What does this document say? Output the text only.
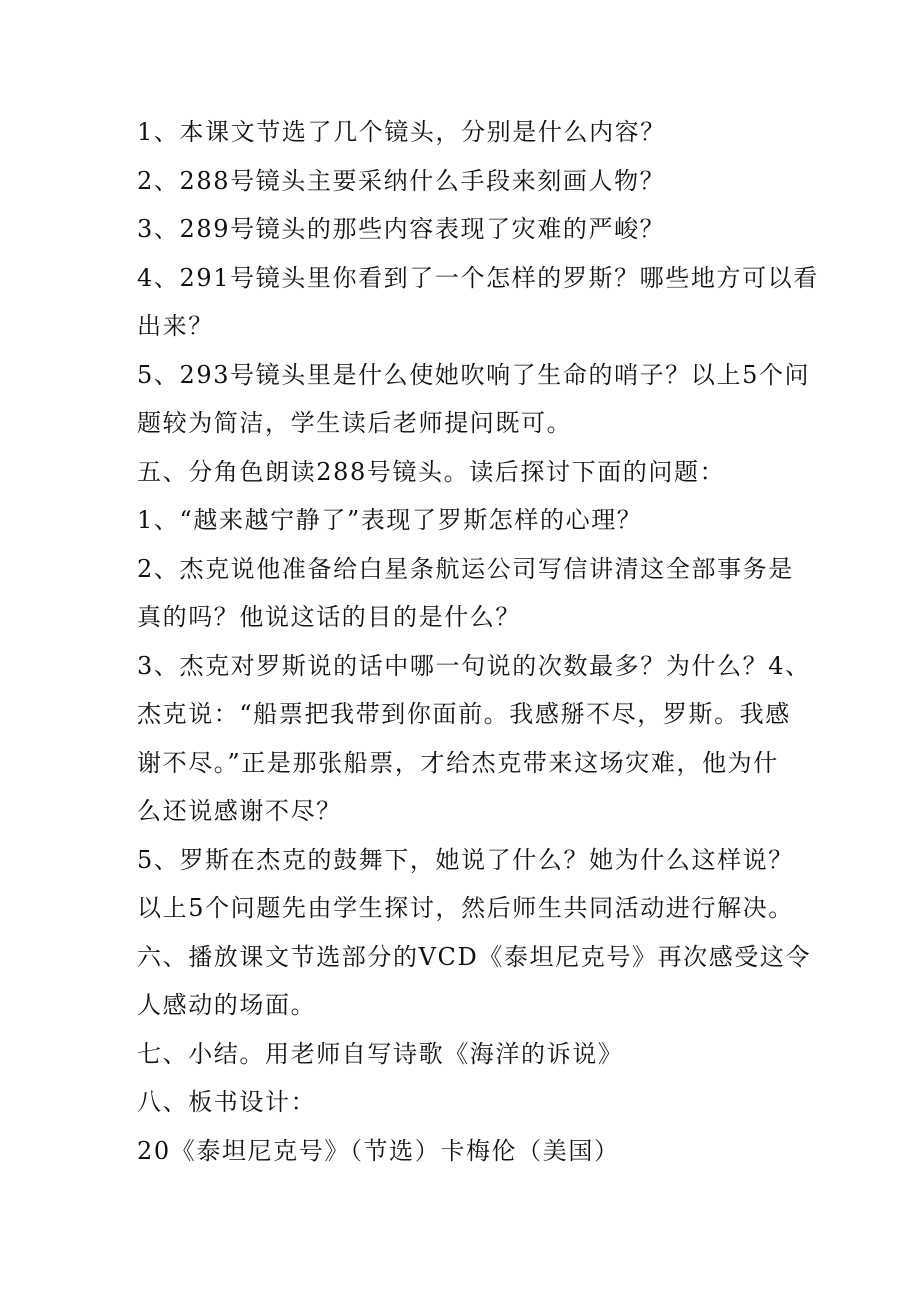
1、本课文节选了几个镜头，分别是什么内容？
2、288号镜头主要采纳什么手段来刻画人物？
3、289号镜头的那些内容表现了灾难的严峻？
4、291号镜头里你看到了一个怎样的罗斯？哪些地方可以看
出来？
5、293号镜头里是什么使她吹响了生命的哨子？以上5个问
题较为简洁，学生读后老师提问既可。
五、分角色朗读288号镜头。读后探讨下面的问题：
1、“越来越宁静了”表现了罗斯怎样的心理？
2、杰克说他准备给白星条航运公司写信讲清这全部事务是
真的吗？他说这话的目的是什么？
3、杰克对罗斯说的话中哪一句说的次数最多？为什么？4、
杰克说：“船票把我带到你面前。我感掰不尽，罗斯。我感
谢不尽。”正是那张船票，才给杰克带来这场灾难，他为什
么还说感谢不尽？
5、罗斯在杰克的鼓舞下，她说了什么？她为什么这样说？
以上5个问题先由学生探讨，然后师生共同活动进行解决。
六、播放课文节选部分的VCD《泰坦尼克号》再次感受这令
人感动的场面。
七、小结。用老师自写诗歌《海洋的诉说》
八、板书设计：
20《泰坦尼克号》（节选）卡梅伦（美国）
